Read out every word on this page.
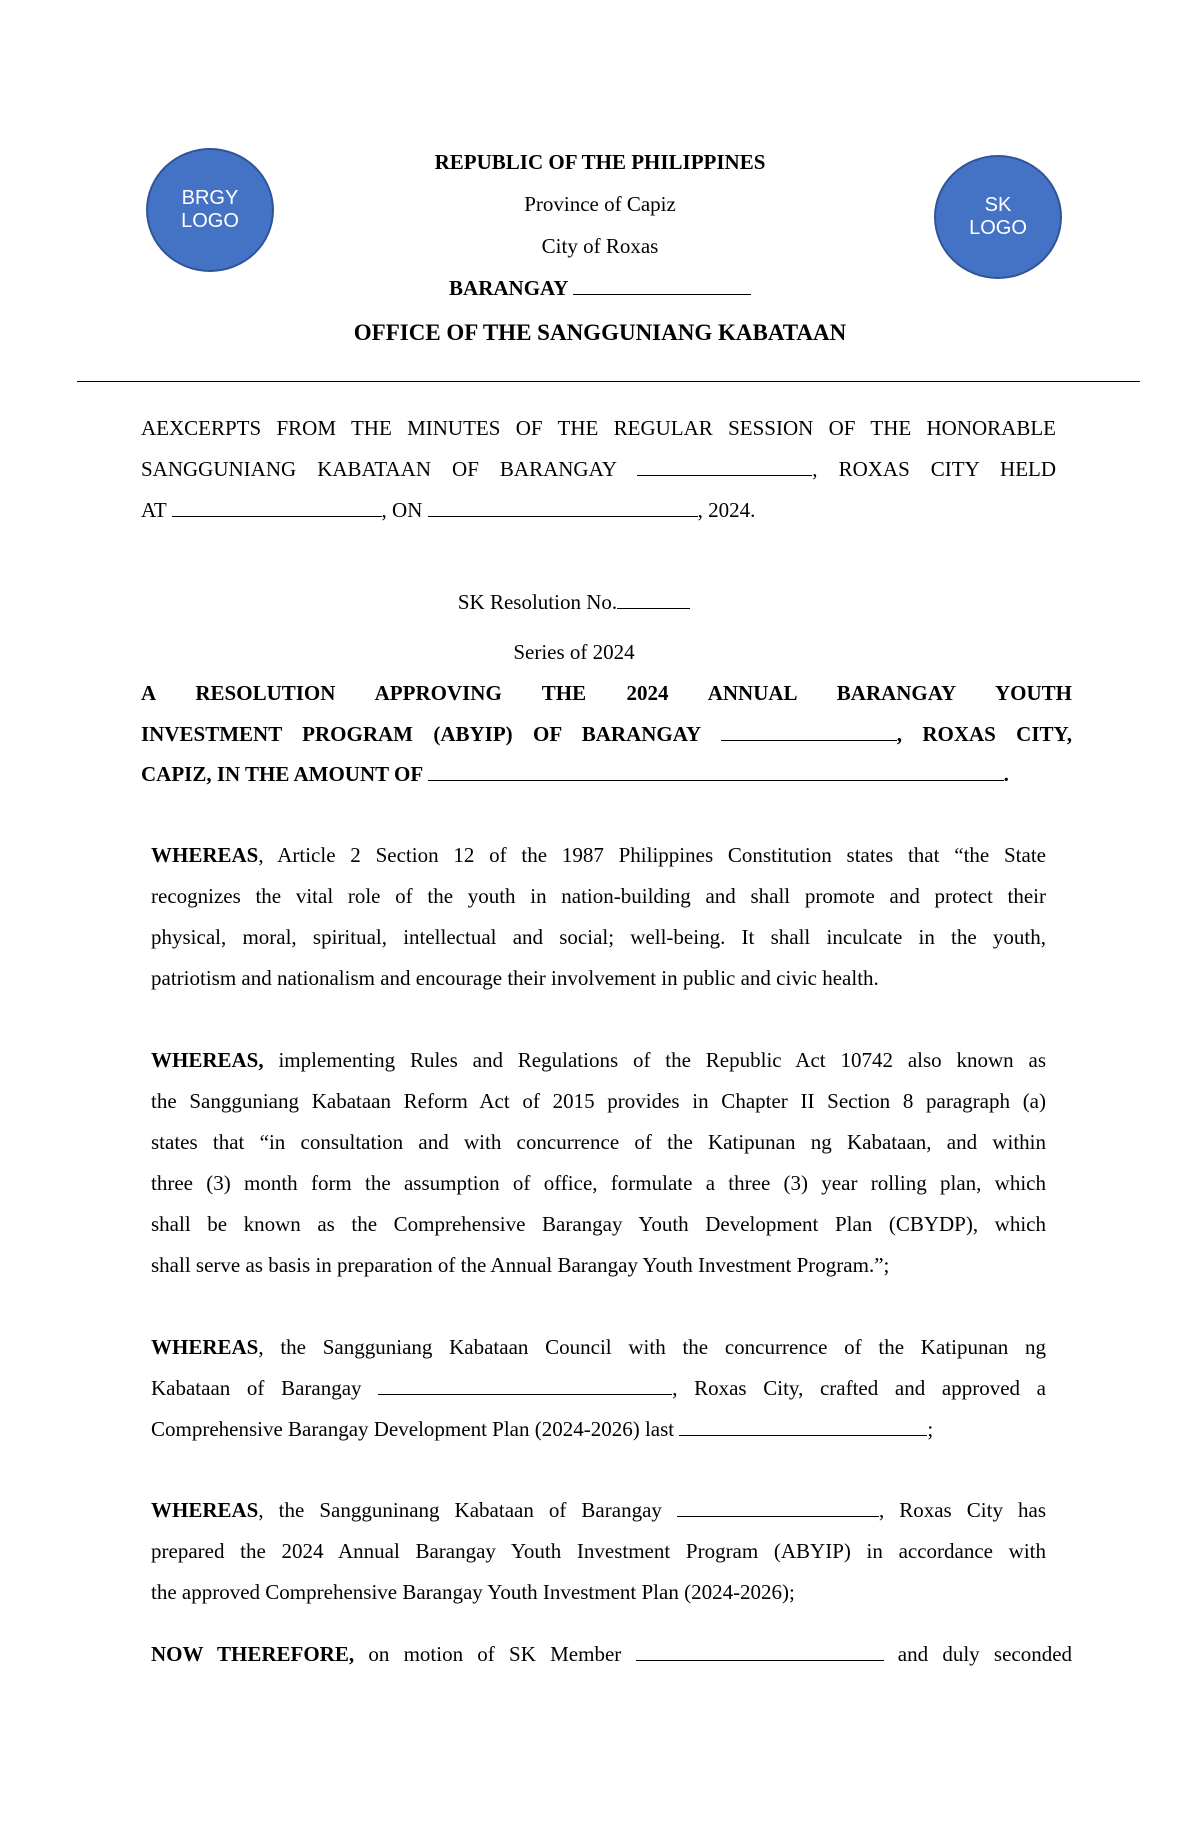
BRGY
LOGO
SK
LOGO
REPUBLIC OF THE PHILIPPINES
Province of Capiz
City of Roxas
BARANGAY
OFFICE OF THE SANGGUNIANG KABATAAN
AEXCERPTS FROM THE MINUTES OF THE REGULAR SESSION OF THE HONORABLE
SANGGUNIANG KABATAAN OF BARANGAY	, ROXAS CITY HELD
AT	, ON	, 2024.
SK Resolution No.
Series of 2024
A RESOLUTION APPROVING THE 2024 ANNUAL BARANGAY YOUTH
INVESTMENT PROGRAM (ABYIP) OF BARANGAY	, ROXAS CITY,
CAPIZ, IN THE AMOUNT OF	.
WHEREAS, Article 2 Section 12 of the 1987 Philippines Constitution states that “the State
recognizes the vital role of the youth in nation-building and shall promote and protect their
physical, moral, spiritual, intellectual and social; well-being. It shall inculcate in the youth,
patriotism and nationalism and encourage their involvement in public and civic health.
WHEREAS, implementing Rules and Regulations of the Republic Act 10742 also known as
the Sangguniang Kabataan Reform Act of 2015 provides in Chapter II Section 8 paragraph (a)
states that “in consultation and with concurrence of the Katipunan ng Kabataan, and within
three (3) month form the assumption of office, formulate a three (3) year rolling plan, which
shall be known as the Comprehensive Barangay Youth Development Plan (CBYDP), which
shall serve as basis in preparation of the Annual Barangay Youth Investment Program.”;
WHEREAS, the Sangguniang Kabataan Council with the concurrence of the Katipunan ng
Kabataan of Barangay	, Roxas City, crafted and approved a
Comprehensive Barangay Development Plan (2024-2026) last	;
WHEREAS, the Sangguninang Kabataan of Barangay	, Roxas City has
prepared the 2024 Annual Barangay Youth Investment Program (ABYIP) in accordance with
the approved Comprehensive Barangay Youth Investment Plan (2024-2026);
NOW THEREFORE, on motion of SK Member	and duly seconded
